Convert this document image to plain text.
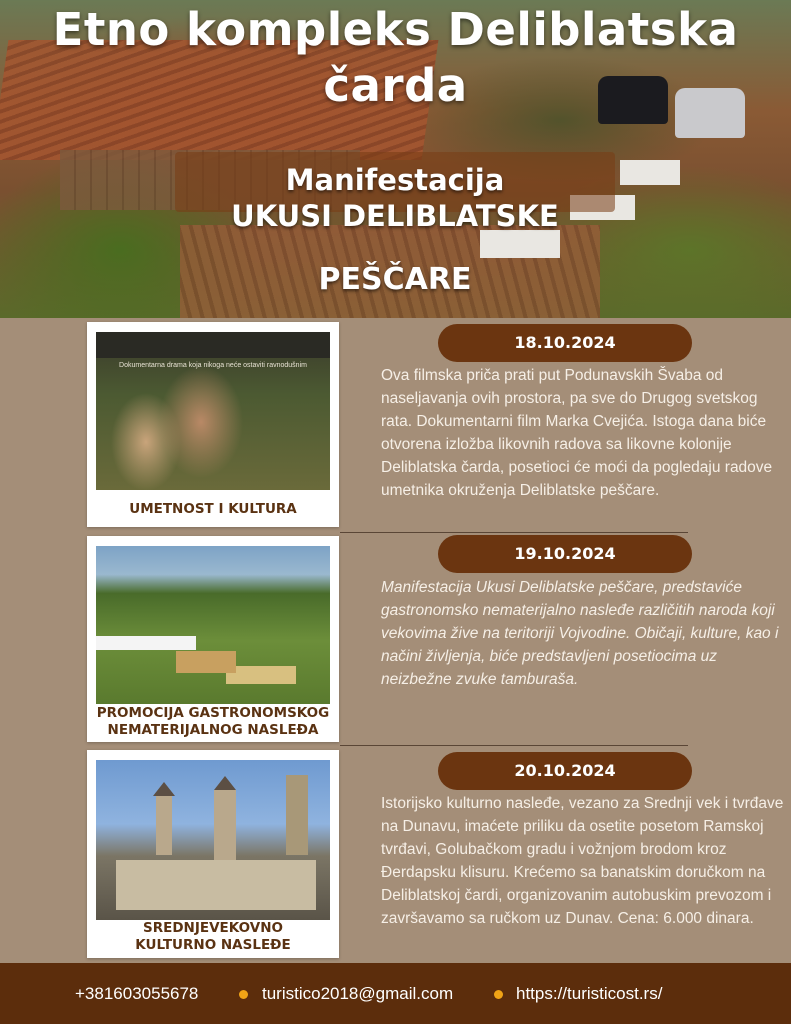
Etno kompleks Deliblatska
čarda
Manifestacija
UKUSI DELIBLATSKE
PEŠČARE
Dokumentarna drama koja nikoga neće ostaviti ravnodušnim
UMETNOST I KULTURA
18.10.2024
Ova filmska priča prati put Podunavskih Švaba od naseljavanja ovih prostora, pa sve do Drugog svetskog rata. Dokumentarni film Marka Cvejića. Istoga dana biće otvorena izložba likovnih radova sa likovne kolonije Deliblatska čarda, posetioci će moći da pogledaju radove umetnika okruženja Deliblatske peščare.
PROMOCIJA GASTRONOMSKOG
NEMATERIJALNOG NASLEĐA
19.10.2024
Manifestacija Ukusi Deliblatske peščare, predstaviće gastronomsko nematerijalno nasleđe različitih naroda koji vekovima žive na teritoriji Vojvodine. Običaji, kulture, kao i načini življenja, biće predstavljeni posetiocima uz neizbežne zvuke tamburaša.
SREDNJEVEKOVNO
KULTURNO NASLEĐE
20.10.2024
Istorijsko kulturno nasleđe, vezano za Srednji vek i tvrđave na Dunavu, imaćete priliku da osetite posetom Ramskoj tvrđavi, Golubačkom gradu i vožnjom brodom kroz Đerdapsku klisuru. Krećemo sa banatskim doručkom na Deliblatskoj čardi, organizovanim autobuskim prevozom i završavamo sa ručkom uz Dunav. Cena: 6.000 dinara.
+381603055678	turistico2018@gmail.com	https://turisticost.rs/
